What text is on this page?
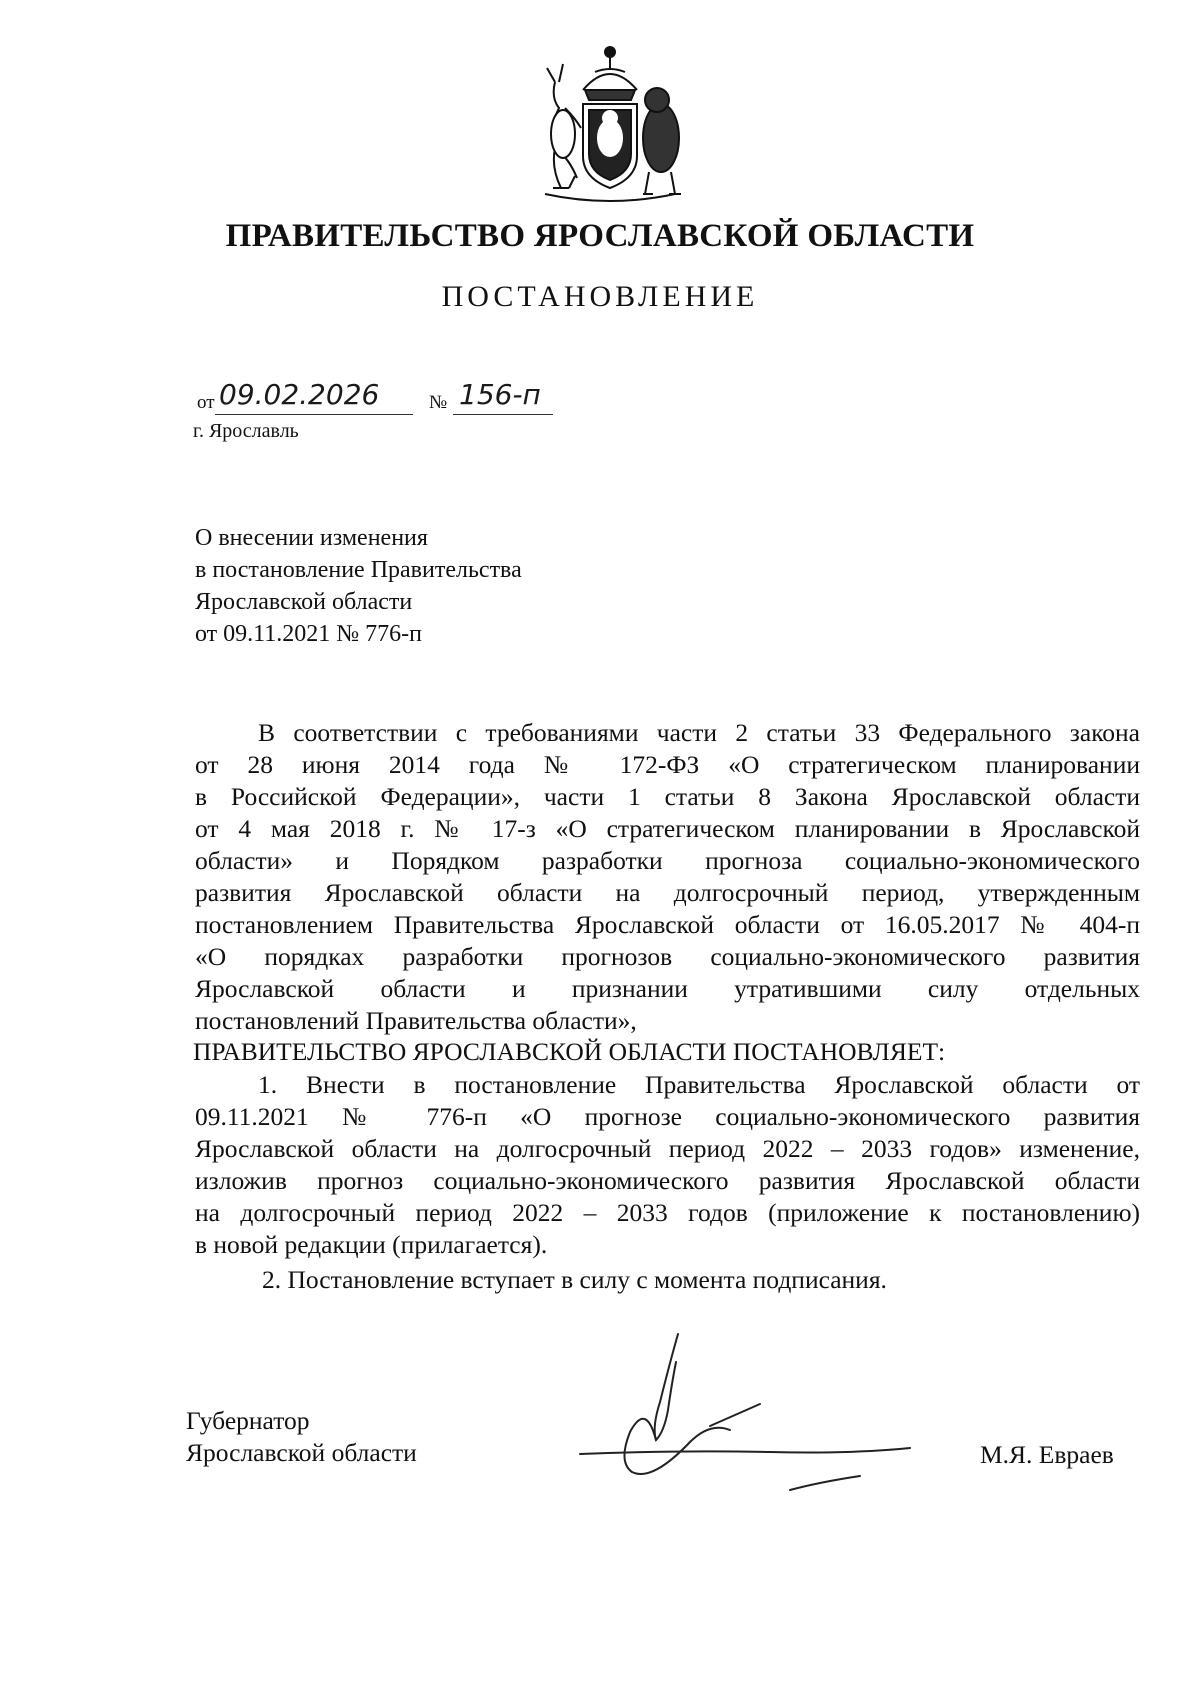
ПРАВИТЕЛЬСТВО ЯРОСЛАВСКОЙ ОБЛАСТИ
ПОСТАНОВЛЕНИЕ
от 09.02.2026	№ 156-п
г. Ярославль
О внесении изменения
в постановление Правительства
Ярославской области
от 09.11.2021 № 776-п
В соответствии с требованиями части 2 статьи 33 Федерального закона
от 28 июня 2014 года № 172-ФЗ «О стратегическом планировании
в Российской Федерации», части 1 статьи 8 Закона Ярославской области
от 4 мая 2018 г. № 17-з «О стратегическом планировании в Ярославской
области» и Порядком разработки прогноза социально-экономического
развития Ярославской области на долгосрочный период, утвержденным
постановлением Правительства Ярославской области от 16.05.2017 № 404-п
«О порядках разработки прогнозов социально-экономического развития
Ярославской области и признании утратившими силу отдельных
постановлений Правительства области»,
ПРАВИТЕЛЬСТВО ЯРОСЛАВСКОЙ ОБЛАСТИ ПОСТАНОВЛЯЕТ:
1. Внести в постановление Правительства Ярославской области от
09.11.2021 № 776-п «О прогнозе социально-экономического развития
Ярославской области на долгосрочный период 2022 – 2033 годов» изменение,
изложив прогноз социально-экономического развития Ярославской области
на долгосрочный период 2022 – 2033 годов (приложение к постановлению)
в новой редакции (прилагается).
2. Постановление вступает в силу с момента подписания.
Губернатор
Ярославской области	М.Я. Евраев
